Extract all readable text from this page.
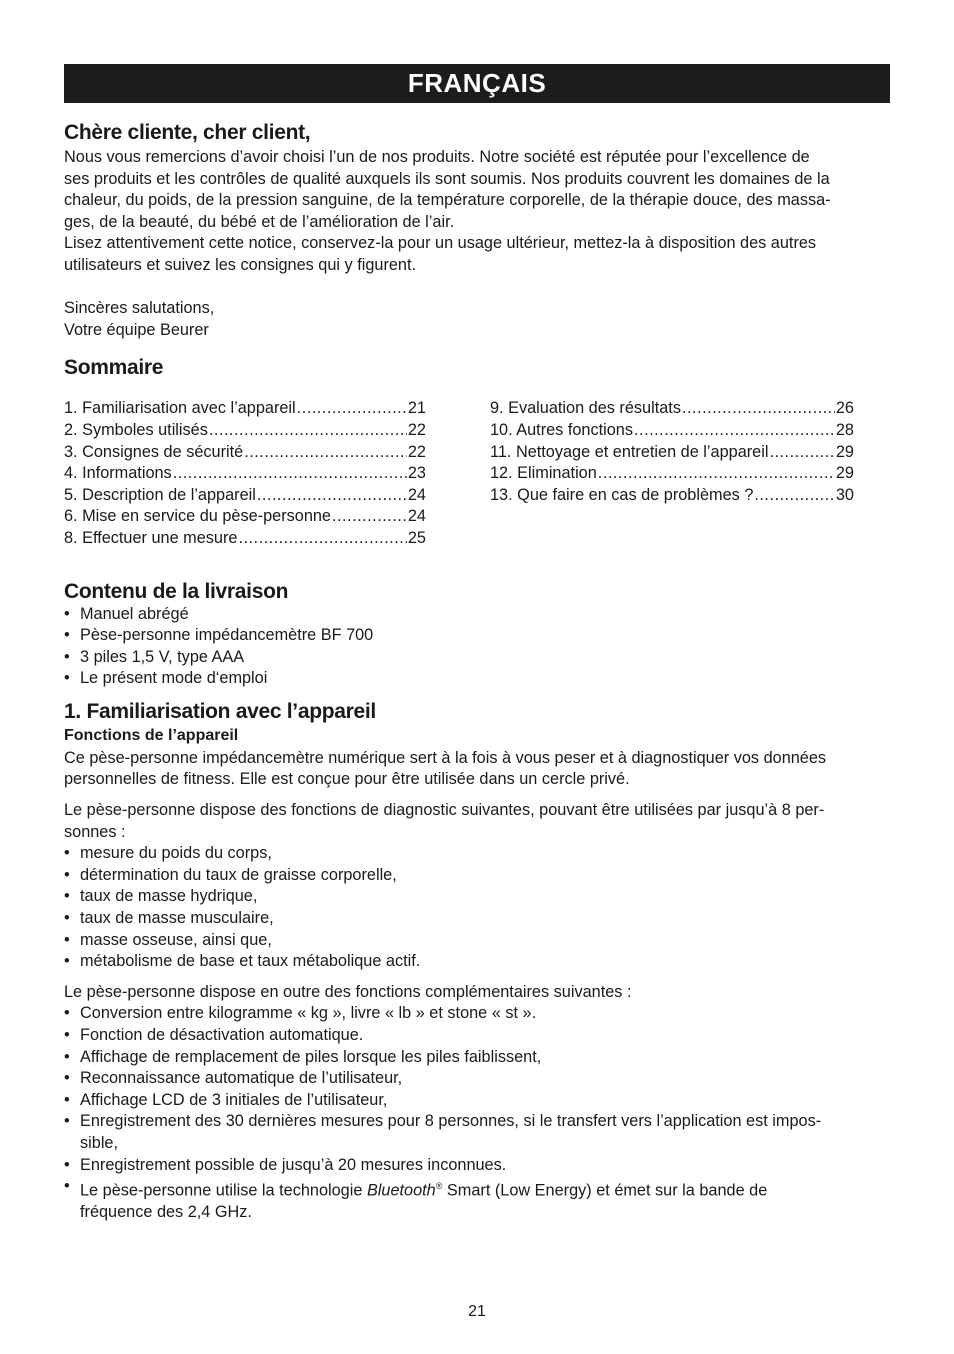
FRANÇAIS
Chère cliente, cher client,

Nous vous remercions d’avoir choisi l’un de nos produits. Notre société est réputée pour l’excellence de

ses produits et les contrôles de qualité auxquels ils sont soumis. Nos produits couvrent les domaines de la

chaleur, du poids, de la pression sanguine, de la température corporelle, de la thérapie douce, des massa-

ges, de la beauté, du bébé et de l’amélioration de l’air.

Lisez attentivement cette notice, conservez-la pour un usage ultérieur, mettez-la à disposition des autres

utilisateurs et suivez les consignes qui y figurent.

Sincères salutations,

Votre équipe Beurer

Sommaire
1. Familiarisation avec l’appareil .....	21
2. Symboles utilisés .....	22
3. Consignes de sécurité .....	22
4. Informations .....	23
5. Description de l’appareil .....	24
6. Mise en service du pèse-personne .....	24
8. Effectuer une mesure .....	25
9. Evaluation des résultats .....	26
10. Autres fonctions .....	28
11. Nettoyage et entretien de l’appareil .....	29
12. Elimination .....	29
13. Que faire en cas de problèmes ? .....	30
Contenu de la livraison
• Manuel abrégé
• Pèse-personne impédancemètre BF 700
• 3 piles 1,5 V, type AAA
• Le présent mode d‘emploi
1. Familiarisation avec l’appareil
Fonctions de l’appareil

Ce pèse-personne impédancemètre numérique sert à la fois à vous peser et à diagnostiquer vos données

personnelles de fitness. Elle est conçue pour être utilisée dans un cercle privé.

Le pèse-personne dispose des fonctions de diagnostic suivantes, pouvant être utilisées par jusqu’à 8 per-

sonnes :

• mesure du poids du corps,
• détermination du taux de graisse corporelle,
• taux de masse hydrique,
• taux de masse musculaire,
• masse osseuse, ainsi que,
• métabolisme de base et taux métabolique actif.

Le pèse-personne dispose en outre des fonctions complémentaires suivantes :

• Conversion entre kilogramme « kg », livre « lb » et stone « st ».
• Fonction de désactivation automatique.
• Affichage de remplacement de piles lorsque les piles faiblissent,
• Reconnaissance automatique de l’utilisateur,
• Affichage LCD de 3 initiales de l’utilisateur,
• Enregistrement des 30 dernières mesures pour 8 personnes, si le transfert vers l’application est impos-
sible,
• Enregistrement possible de jusqu’à 20 mesures inconnues.
• Le pèse-personne utilise la technologie Bluetooth® Smart (Low Energy) et émet sur la bande de
fréquence des 2,4 GHz.
21
